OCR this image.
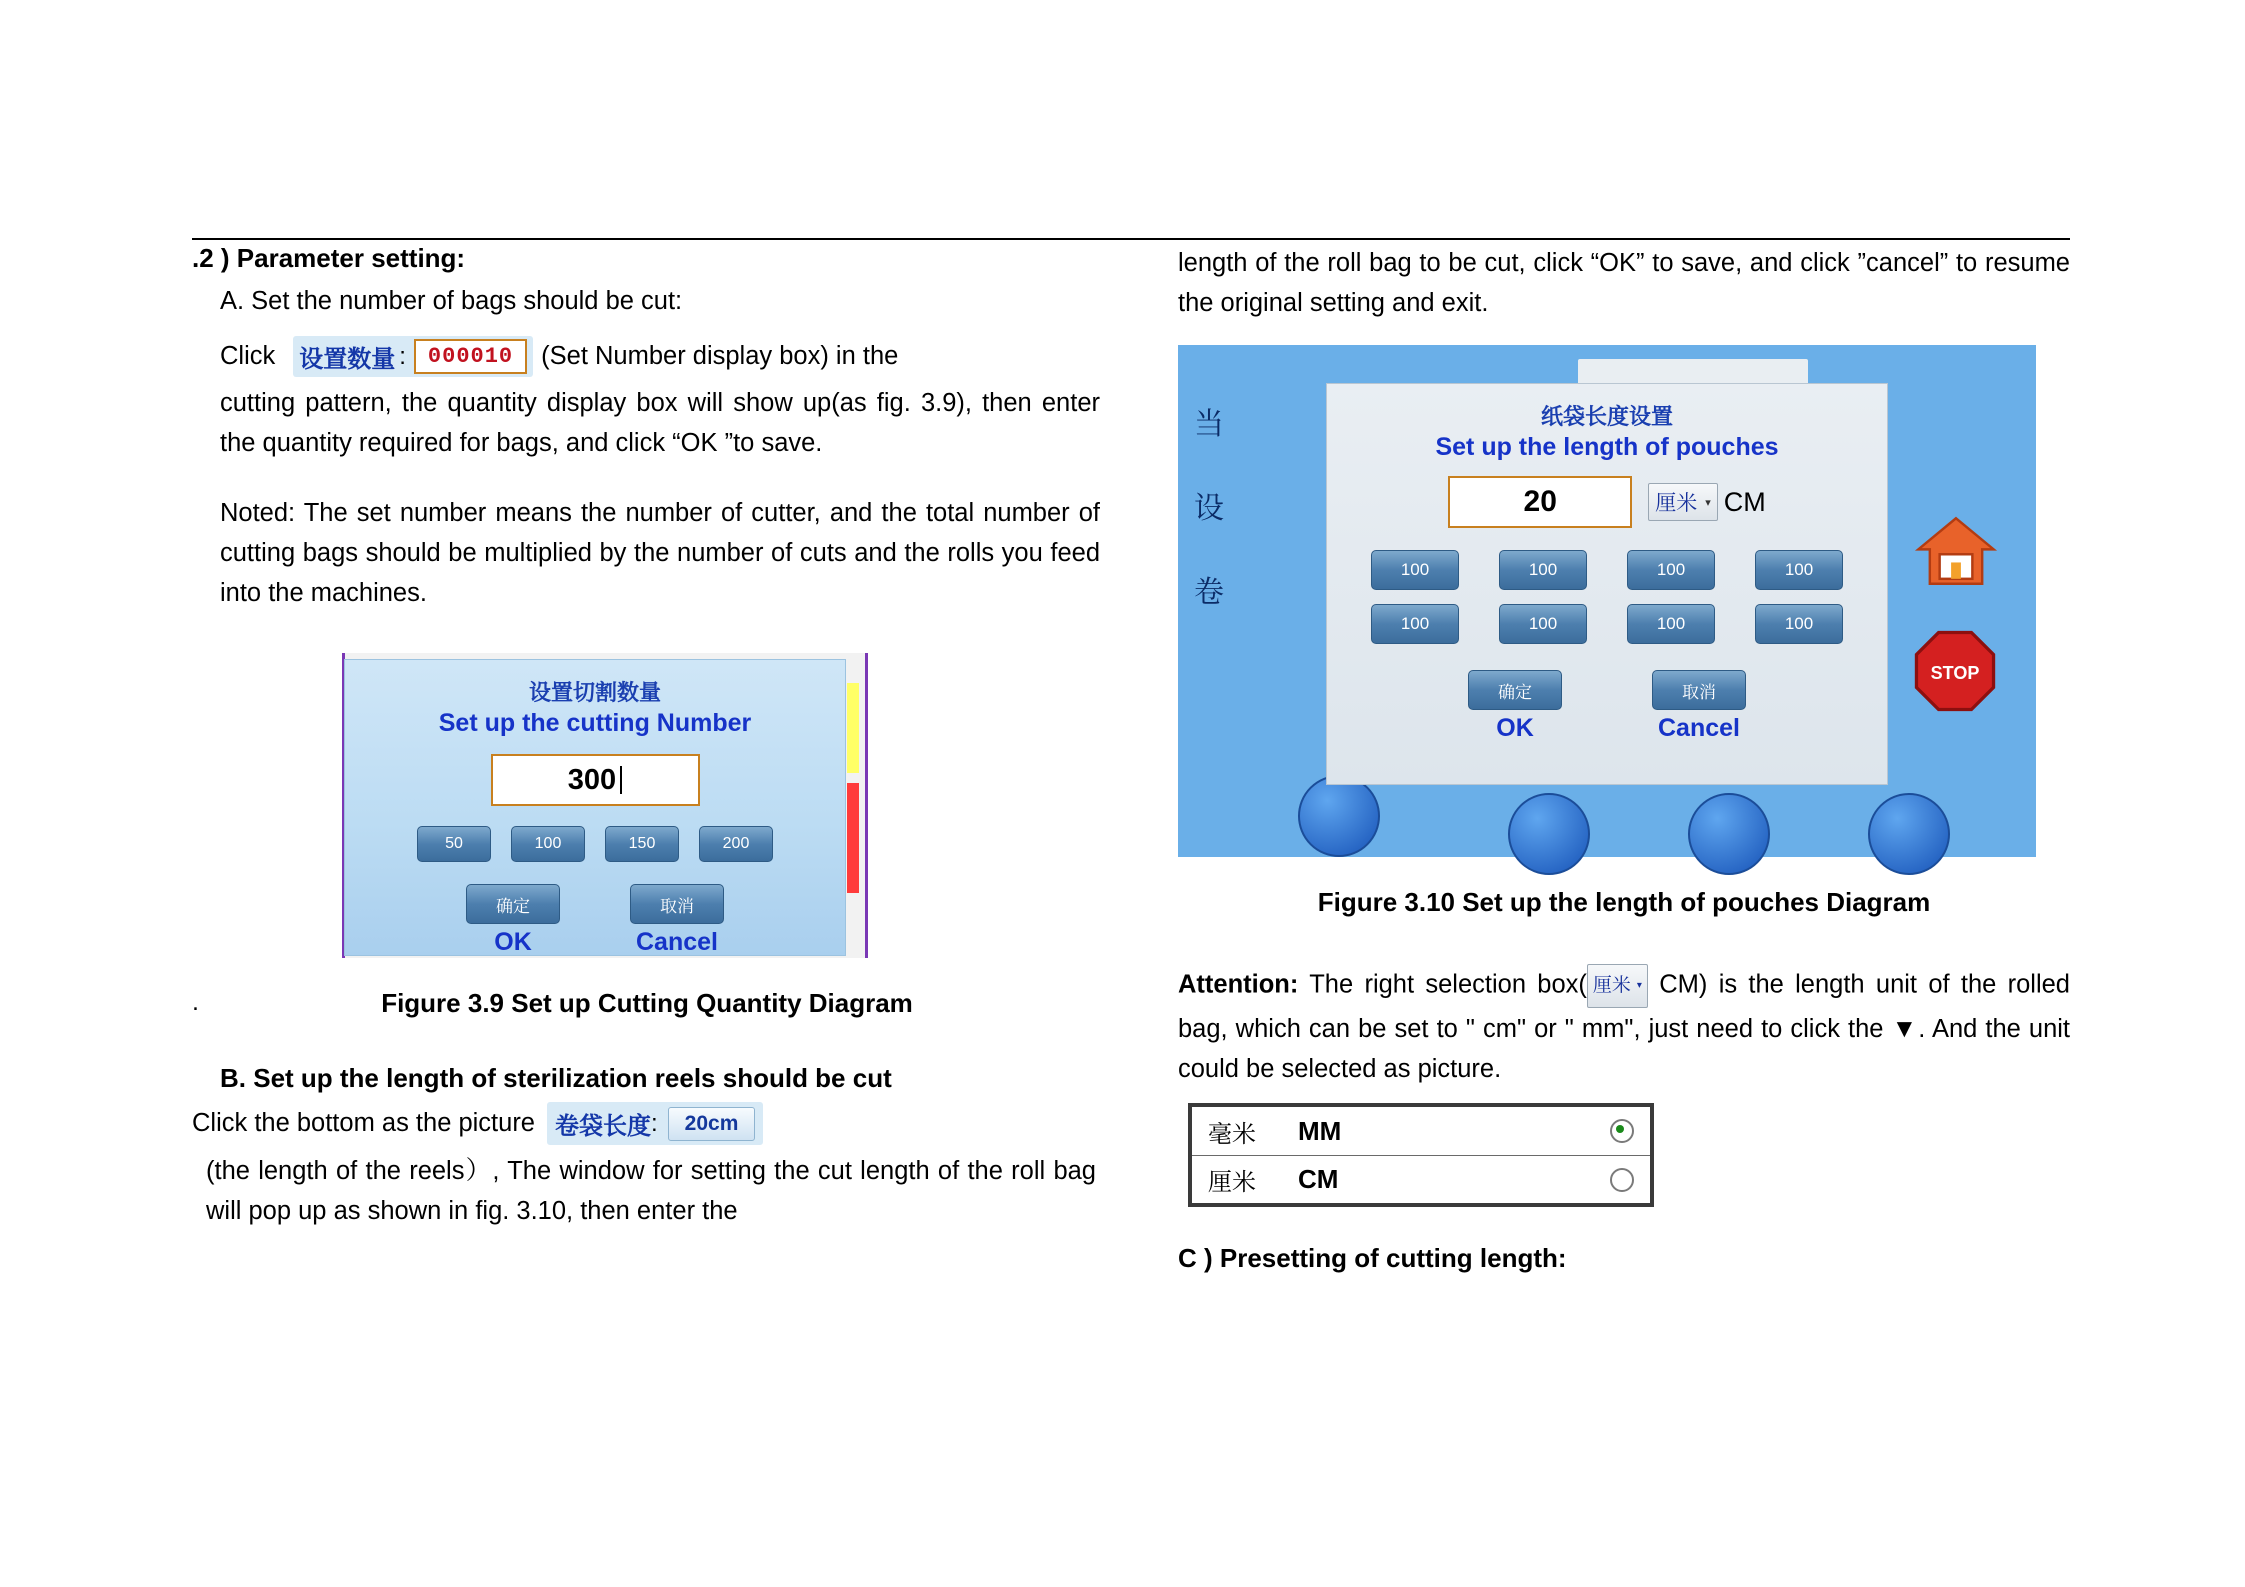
.2 ) Parameter setting:
A. Set the number of bags should be cut:
Click 设置数量 :	000010	(Set Number display box) in the

cutting pattern, the quantity display box will show up(as fig. 3.9), then enter the quantity required for bags, and click “OK ”to save.

Noted: The set number means the number of cutter, and the total number of cutting bags should be multiplied by the number of cuts and the rolls you feed into the machines.

设置切割数量
Set up the cutting Number
300
50	100	150	200
确定
OK
取消
Cancel
.	Figure 3.9 Set up Cutting Quantity Diagram
B. Set up the length of sterilization reels should be cut
Click the bottom as the picture 卷袋长度 :	20cm

(the length of the reels）, The window for setting the cut length of the roll bag will pop up as shown in fig. 3.10, then enter the

length of the roll bag to be cut, click “OK” to save, and click ”cancel” to resume the original setting and exit.

当
设
卷
STOP
纸袋长度设置
Set up the length of pouches
20	厘米 ▾ CM
100	100	100	100
100	100	100	100
确定
OK
取消
Cancel
Figure 3.10 Set up the length of pouches Diagram
Attention: The right selection box( 厘米 ▾ CM) is the length unit of the rolled bag, which can be set to " cm" or " mm", just need to click the ▼. And the unit could be selected as picture.
毫米	MM
厘米	CM
C ) Presetting of cutting length:
